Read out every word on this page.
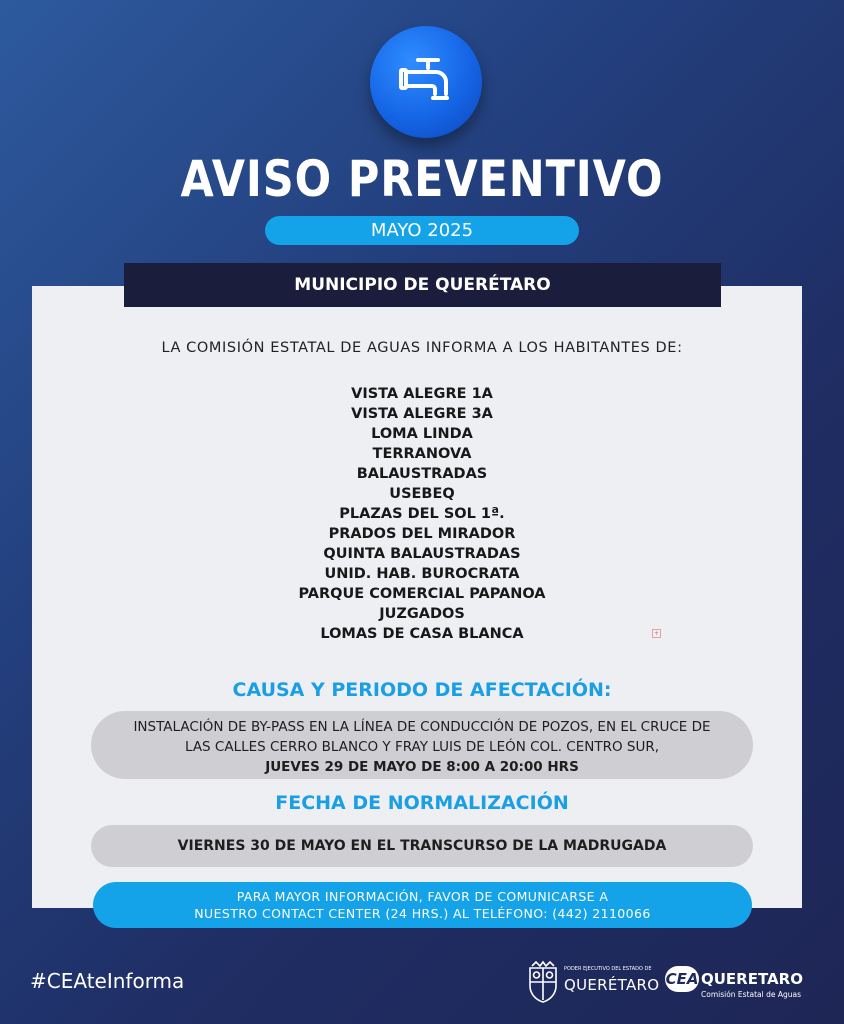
AVISO PREVENTIVO
MAYO 2025
MUNICIPIO DE QUERÉTARO
LA COMISIÓN ESTATAL DE AGUAS INFORMA A LOS HABITANTES DE:
VISTA ALEGRE 1A
VISTA ALEGRE 3A
LOMA LINDA
TERRANOVA
BALAUSTRADAS
USEBEQ
PLAZAS DEL SOL 1ª.
PRADOS DEL MIRADOR
QUINTA BALAUSTRADAS
UNID. HAB. BUROCRATA
PARQUE COMERCIAL PAPANOA
JUZGADOS
LOMAS DE CASA BLANCA	+
CAUSA Y PERIODO DE AFECTACIÓN:
INSTALACIÓN DE BY-PASS EN LA LÍNEA DE CONDUCCIÓN DE POZOS, EN EL CRUCE DE
LAS CALLES CERRO BLANCO Y FRAY LUIS DE LEÓN COL. CENTRO SUR,
JUEVES 29 DE MAYO DE 8:00 A 20:00 HRS
FECHA DE NORMALIZACIÓN
VIERNES 30 DE MAYO EN EL TRANSCURSO DE LA MADRUGADA
PARA MAYOR INFORMACIÓN, FAVOR DE COMUNICARSE A
NUESTRO CONTACT CENTER (24 HRS.) AL TELÉFONO: (442) 2110066
#CEAteInforma	PODER EJECUTIVO DEL ESTADO DE
QUERÉTARO CEA QUERETARO
Comisión Estatal de Aguas
